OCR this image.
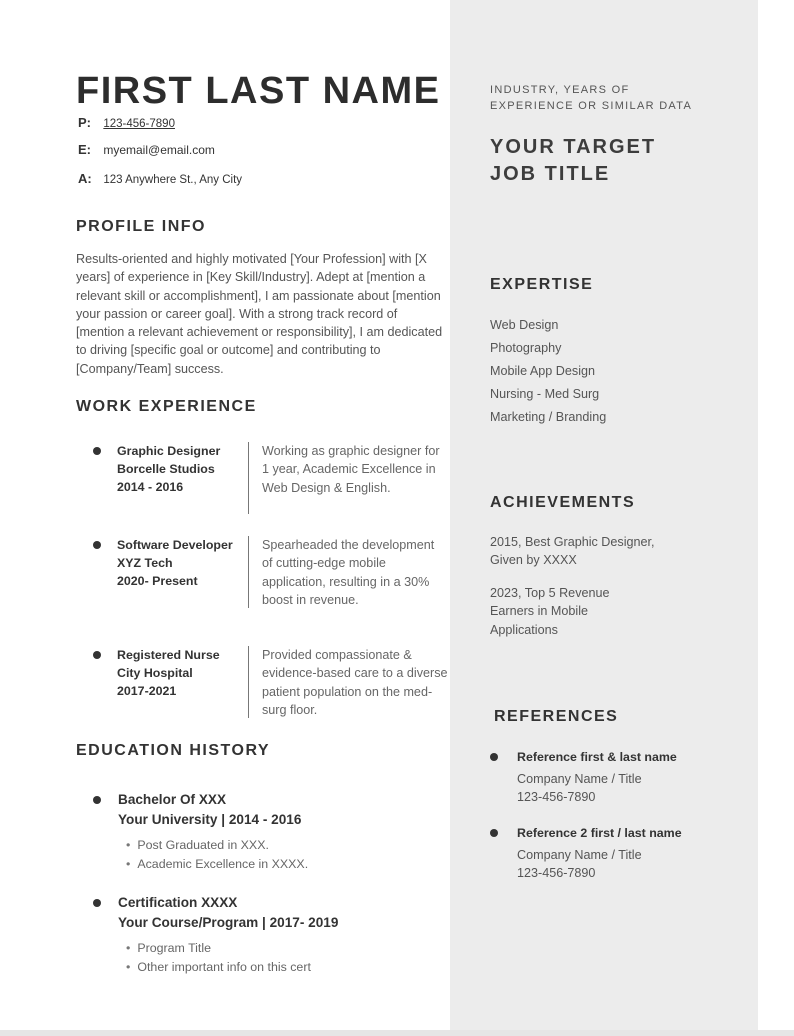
FIRST LAST NAME
P: 123-456-7890
E: myemail@email.com
A: 123 Anywhere St., Any City
PROFILE INFO
Results-oriented and highly motivated [Your Profession] with [X years] of experience in [Key Skill/Industry]. Adept at [mention a relevant skill or accomplishment], I am passionate about [mention your passion or career goal]. With a strong track record of [mention a relevant achievement or responsibility], I am dedicated to driving [specific goal or outcome] and contributing to [Company/Team] success.
WORK EXPERIENCE
Graphic Designer
Borcelle Studios
2014 - 2016
Working as graphic designer for 1 year, Academic Excellence in Web Design & English.
Software Developer
XYZ Tech
2020- Present
Spearheaded the development of cutting-edge mobile application, resulting in a 30% boost in revenue.
Registered Nurse
City Hospital
2017-2021
Provided compassionate & evidence-based care to a diverse patient population on the med-surg floor.
EDUCATION HISTORY
Bachelor Of XXX
Your University | 2014 - 2016
• Post Graduated in XXX.
• Academic Excellence in XXXX.
Certification XXXX
Your Course/Program | 2017- 2019
• Program Title
• Other important info on this cert
INDUSTRY, YEARS OF
EXPERIENCE OR SIMILAR DATA
YOUR TARGET
JOB TITLE
EXPERTISE
Web Design
Photography
Mobile App Design
Nursing - Med Surg
Marketing / Branding
ACHIEVEMENTS
2015, Best Graphic Designer,
Given by XXXX
2023, Top 5 Revenue
Earners in Mobile
Applications
REFERENCES
Reference first & last name
Company Name / Title
123-456-7890
Reference 2 first / last name
Company Name / Title
123-456-7890
